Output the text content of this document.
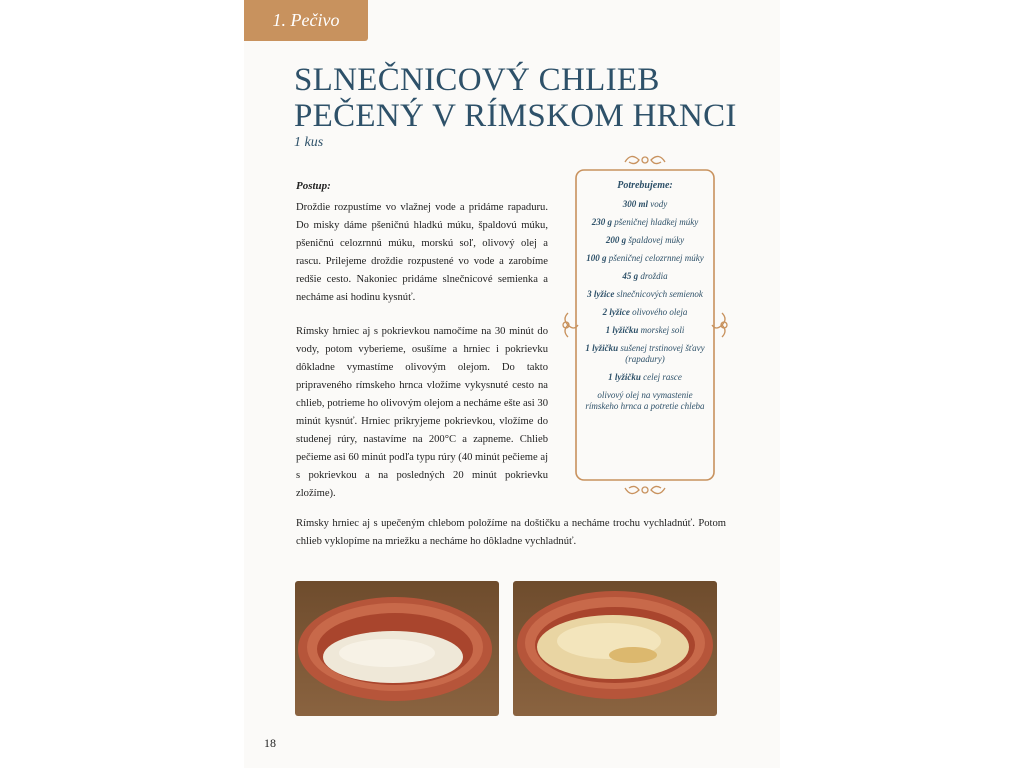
1. Pečivo
SLNEČNICOVÝ CHLIEB
PEČENÝ V RÍMSKOM HRNCI
1 kus
Postup:

Droždie rozpustíme vo vlažnej vode a pridáme rapaduru. Do misky dáme pšeničnú hladkú múku, špaldovú múku, pšeničnú celozrnnú múku, morskú soľ, olivový olej a rascu. Prilejeme droždie rozpustené vo vode a zarobíme redšie cesto. Nakoniec pridáme slnečnicové semienka a necháme asi hodinu kysnúť.

Rímsky hrniec aj s pokrievkou namočíme na 30 minút do vody, potom vyberieme, osušíme a hrniec i pokrievku dôkladne vymastíme olivovým olejom. Do takto pripraveného rímskeho hrnca vložíme vykysnuté cesto na chlieb, potrieme ho olivovým olejom a necháme ešte asi 30 minút kysnúť. Hrniec prikryjeme pokrievkou, vložíme do studenej rúry, nastavíme na 200°C a zapneme. Chlieb pečieme asi 60 minút podľa typu rúry (40 minút pečieme aj s pokrievkou a na posledných 20 minút pokrievku zložíme).

Rímsky hrniec aj s upečeným chlebom položíme na doštičku a necháme trochu vychladnúť. Potom chlieb vyklopíme na mriežku a necháme ho dôkladne vychladnúť.

Potrebujeme:
300 ml vody
230 g pšeničnej hladkej múky
200 g špaldovej múky
100 g pšeničnej celozrnnej múky
45 g droždia
3 lyžice slnečnicových semienok
2 lyžice olivového oleja
1 lyžičku morskej soli
1 lyžičku sušenej trstinovej šťavy (rapadury)
1 lyžičku celej rasce
olivový olej na vymastenie rímskeho hrnca a potretie chleba
18
